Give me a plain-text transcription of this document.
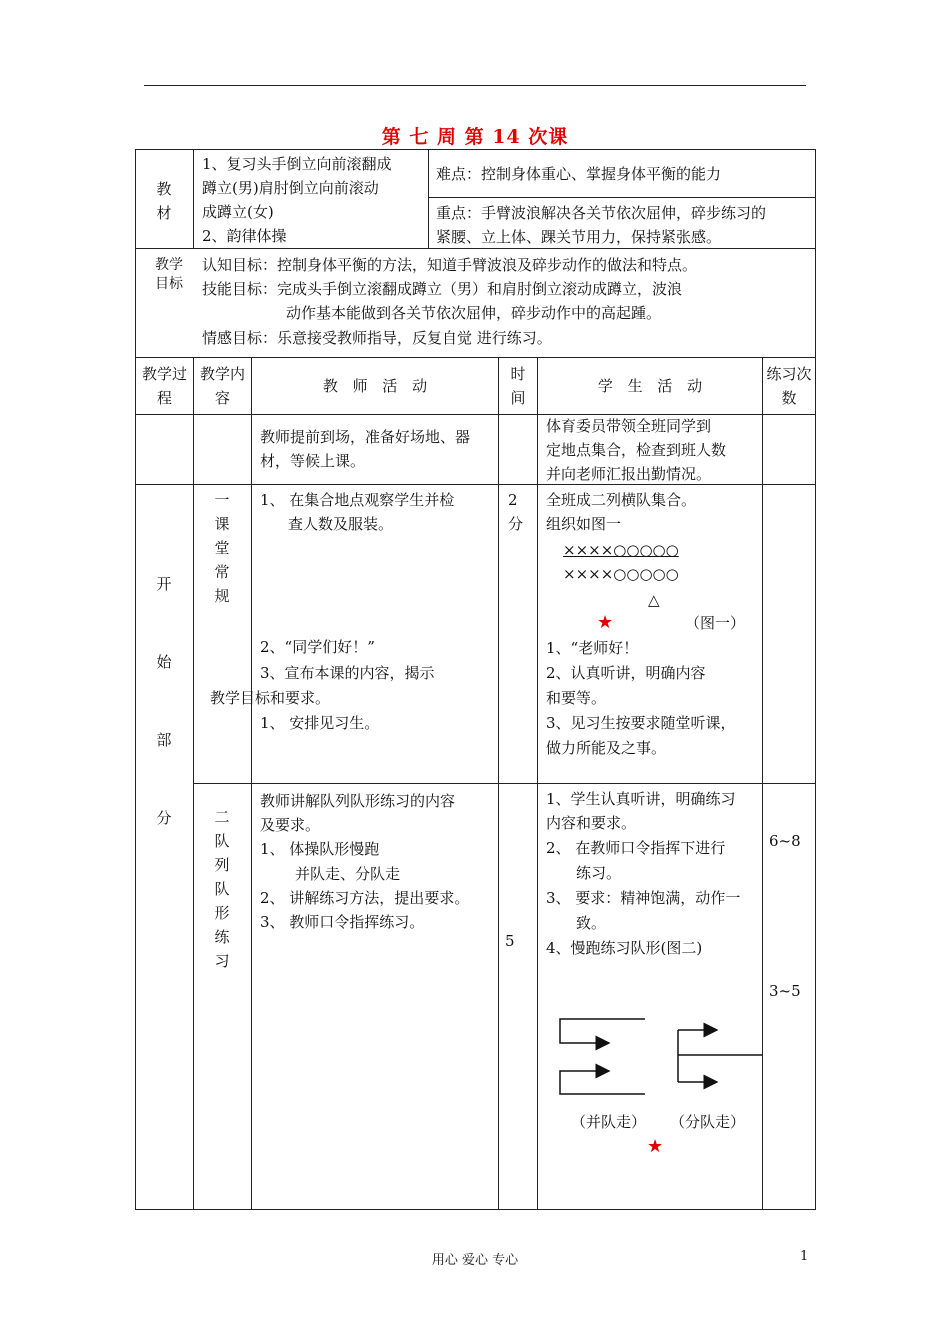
第 七 周 第 14 次课
教 材
1、复习头手倒立向前滚翻成
蹲立(男)肩肘倒立向前滚动
成蹲立(女)
2、韵律体操
难点：控制身体重心、掌握身体平衡的能力
重点：手臂波浪解决各关节依次屈伸，碎步练习的
紧腰、立上体、踝关节用力，保持紧张感。
教学目标
认知目标：控制身体平衡的方法，知道手臂波浪及碎步动作的做法和特点。
技能目标：完成头手倒立滚翻成蹲立（男）和肩肘倒立滚动成蹲立，波浪
动作基本能做到各关节依次屈伸，碎步动作中的高起踵。
情感目标：乐意接受教师指导，反复自觉 进行练习。
教学过程
教学内容
教 师 活 动
时间
学 生 活 动
练习次数
教师提前到场，准备好场地、器
材，等候上课。
体育委员带领全班同学到
定地点集合，检查到班人数
并向老师汇报出勤情况。
开始部分
一课堂常规
1、 在集合地点观察学生并检
查人数及服装。
2、“同学们好！”
3、宣布本课的内容，揭示
教学目标和要求。
1、 安排见习生。
2分
全班成二列横队集合。
组织如图一
××××○○○○○
××××○○○○○
△
★	（图一）
1、“老师好！
2、认真听讲，明确内容
和要等。
3、见习生按要求随堂听课，
做力所能及之事。
二队列队形练习
教师讲解队列队形练习的内容
及要求。
1、 体操队形慢跑
并队走、分队走
2、 讲解练习方法，提出要求。
3、 教师口令指挥练习。
5
1、学生认真听讲，明确练习
内容和要求。
2、 在教师口令指挥下进行
练习。
3、 要求：精神饱满，动作一
致。
4、慢跑练习队形(图二)
6~8
3~5
（并队走） （分队走）
★
用心 爱心 专心	1
